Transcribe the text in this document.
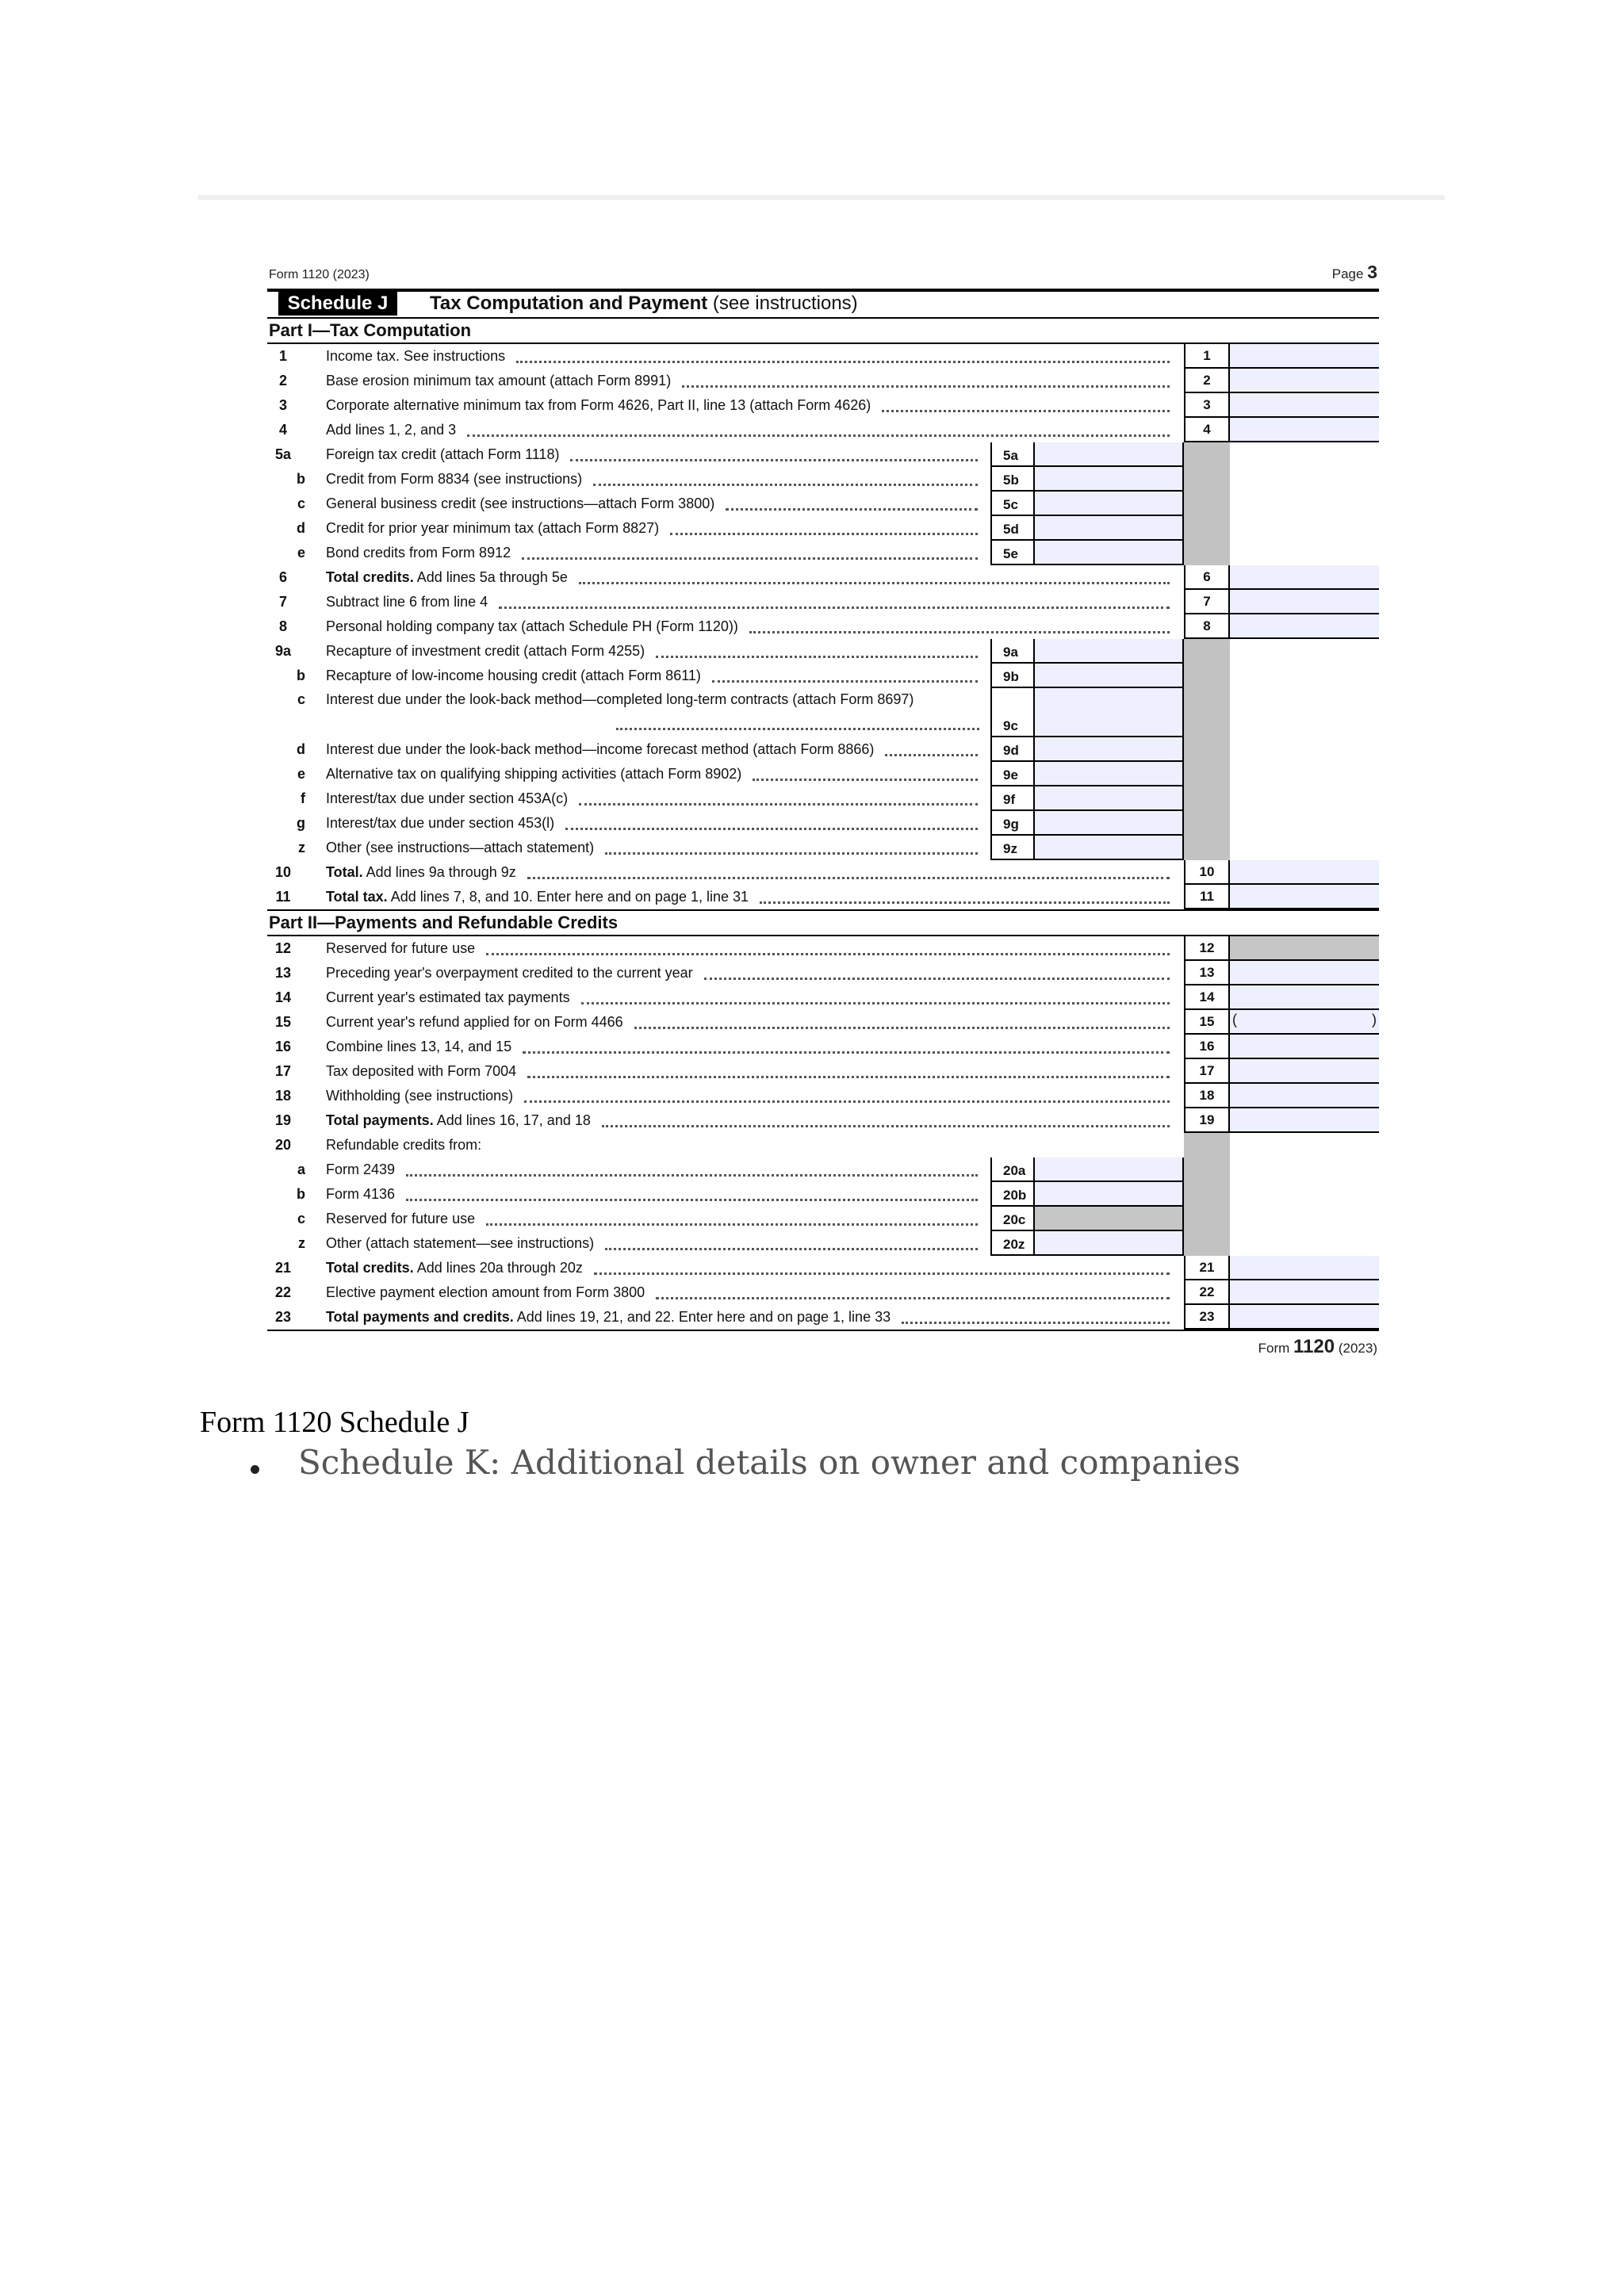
Form 1120 (2023)	Page 3
Schedule J	Tax Computation and Payment (see instructions)
Part I—Tax Computation
1	Income tax. See instructions	1
2	Base erosion minimum tax amount (attach Form 8991)	2
3	Corporate alternative minimum tax from Form 4626, Part II, line 13 (attach Form 4626)	3
4	Add lines 1, 2, and 3	4
5a	Foreign tax credit (attach Form 1118)	5a
b Credit from Form 8834 (see instructions)	5b
c General business credit (see instructions—attach Form 3800)	5c
d Credit for prior year minimum tax (attach Form 8827)	5d
e Bond credits from Form 8912	5e
6	Total credits. Add lines 5a through 5e	6
7	Subtract line 6 from line 4	7
8	Personal holding company tax (attach Schedule PH (Form 1120))	8
9a	Recapture of investment credit (attach Form 4255)	9a
b Recapture of low-income housing credit (attach Form 8611)	9b
c Interest due under the look-back method—completed long-term contracts (attach Form 8697)
9c
d Interest due under the look-back method—income forecast method (attach Form 8866)	9d
e Alternative tax on qualifying shipping activities (attach Form 8902)	9e
f Interest/tax due under section 453A(c)	9f
g Interest/tax due under section 453(l)	9g
z Other (see instructions—attach statement)	9z
10	Total. Add lines 9a through 9z	10
11	Total tax. Add lines 7, 8, and 10. Enter here and on page 1, line 31	11
Part II—Payments and Refundable Credits
12	Reserved for future use	12
13	Preceding year's overpayment credited to the current year	13
14	Current year's estimated tax payments	14
15	Current year's refund applied for on Form 4466	15	(	)
16	Combine lines 13, 14, and 15	16
17	Tax deposited with Form 7004	17
18	Withholding (see instructions)	18
19	Total payments. Add lines 16, 17, and 18	19
20	Refundable credits from:
a Form 2439	20a
b Form 4136	20b
c Reserved for future use	20c
z Other (attach statement—see instructions)	20z
21	Total credits. Add lines 20a through 20z	21
22	Elective payment election amount from Form 3800	22
23	Total payments and credits. Add lines 19, 21, and 22. Enter here and on page 1, line 33	23
Form 1120 (2023)
Form 1120 Schedule J
Schedule K: Additional details on owner and companies
